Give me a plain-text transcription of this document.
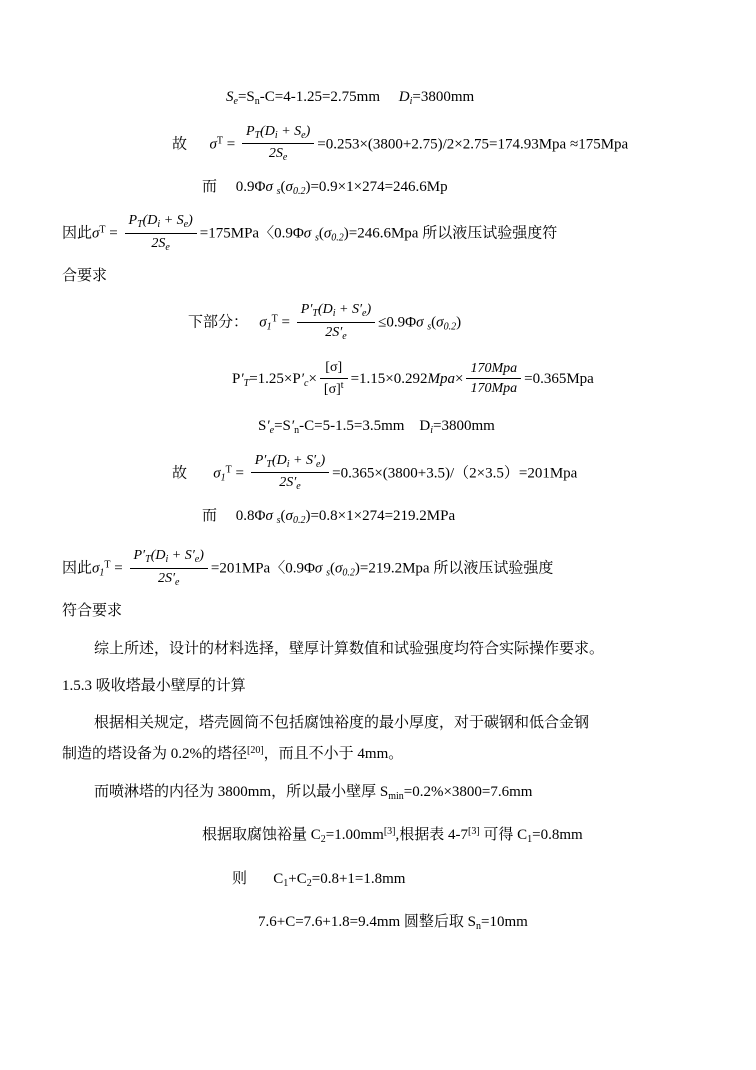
$S_e=S_n-C=4-1.25=2.75mm$ $D_i=3800mm$
故 $\sigma^T = \frac{P_T(D_i + S_e)}{2S_e} =0.253\times(3800+2.75)/2\times 2.75=174.93Mpa \approx 175Mpa$
而     0.9Φσ $_s(\sigma_{0.2})=0.9\times 1\times 274=246.6Mp$
因此$\sigma^T = \frac{P_T(D_i + S_e)}{2S_e} =175MPa$〈0.9Φσ $_s(\sigma_{0.2})=246.6Mpa$ 所以液压试验强度符
合要求
下部分： $\sigma_1^T = \frac{P'_T(D_i + S'_e)}{2S'_e} \le 0.9\Phi\sigma$ $_s(\sigma_{0.2})$
$P'_T=1.25\times P'_c\times \frac{[\sigma]}{[\sigma]^t} =1.15\times 0.292Mpa\times \frac{\text{170Mpa}}{\text{170Mpa}} =0.365Mpa$
$S'_e=S'_n-C=5-1.5=3.5mm$    $D_i=3800mm$
故 $\sigma_1^T = \frac{P'_T(D_i + S'_e)}{2S'_e} =0.365\times(3800+3.5)/(2\times 3.5)=201Mpa$
而     0.8Φσ $_s(\sigma_{0.2})=0.8\times 1\times 274=219.2MPa$
因此$\sigma_1^T = \frac{P'_T(D_i + S'_e)}{2S'_e} =201MPa$〈0.9Φσ $_s(\sigma_{0.2})=219.2Mpa$ 所以液压试验强度
符合要求
综上所述，设计的材料选择，壁厚计算数值和试验强度均符合实际操作要求。
1.5.3 吸收塔最小壁厚的计算
根据相关规定，塔壳圆筒不包括腐蚀裕度的最小厚度，对于碳钢和低合金钢
制造的塔设备为 0.2%的塔径[20]，而且不小于 4mm。
而喷淋塔的内径为 3800mm，所以最小壁厚 $S_{min}=0.2\%\times 3800=7.6mm$
根据取腐蚀裕量 $C_2=1.00mm[3]$,根据表 4-7[3] 可得 $C_1=0.8mm$
则 $C_1+C_2=0.8+1=1.8mm$
7.6+C=7.6+1.8=9.4mm 圆整后取 $S_n=10mm$
